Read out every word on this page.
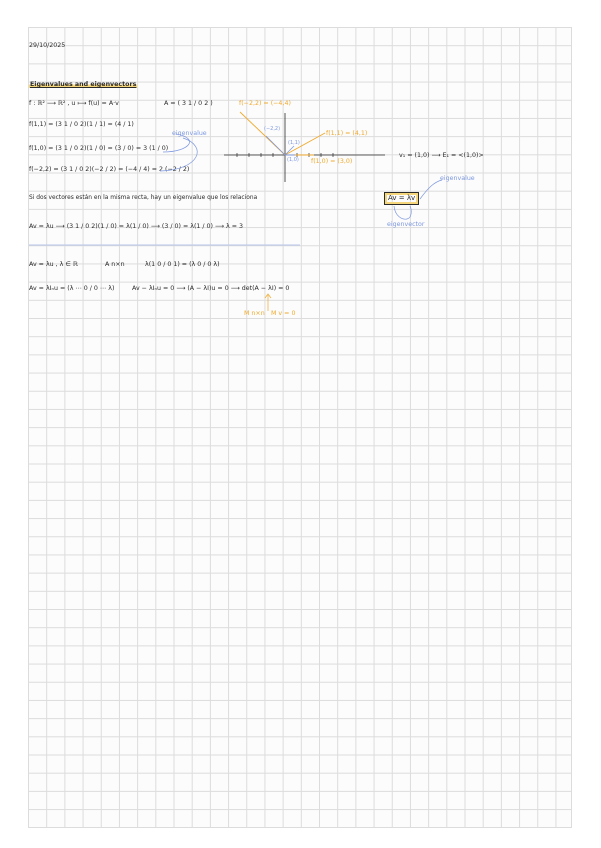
29/10/2025
Eigenvalues and eigenvectors
f : ℝ² ⟶ ℝ² , u ⟼ f(u) = A·v	A = ( 3 1 / 0 2 )
f(1,1) = (3 1 / 0 2)(1 / 1) = (4 / 1)
f(1,0) = (3 1 / 0 2)(1 / 0) = (3 / 0) = 3 (1 / 0)
f(−2,2) = (3 1 / 0 2)(−2 / 2) = (−4 / 4) = 2 (−2 / 2)
eigenvalue
Si dos vectores están en la misma recta, hay un eigenvalue que los relaciona	Av = λv
eigenvalue
eigenvector
Av = λu ⟶ (3 1 / 0 2)(1 / 0) = λ(1 / 0) ⟶ (3 / 0) = λ(1 / 0) ⟶ λ = 3
Av = λu , λ ∈ ℝ	A n×n	λ(1 0 / 0 1) = (λ 0 / 0 λ)
Av = λIₙu = (λ ⋯ 0 / 0 ⋯ λ)	Av − λIₙu = 0 ⟶ (A − λI)u = 0 ⟶ det(A − λI) = 0
M n×n M v = 0
v₁ = (1,0) ⟶ E₁ = <(1,0)>
f(−2,2) = (−4,4)
f(1,1) = (4,1)
f(1,0) = (3,0)
(−2,2)
(1,1)
(1,0)
